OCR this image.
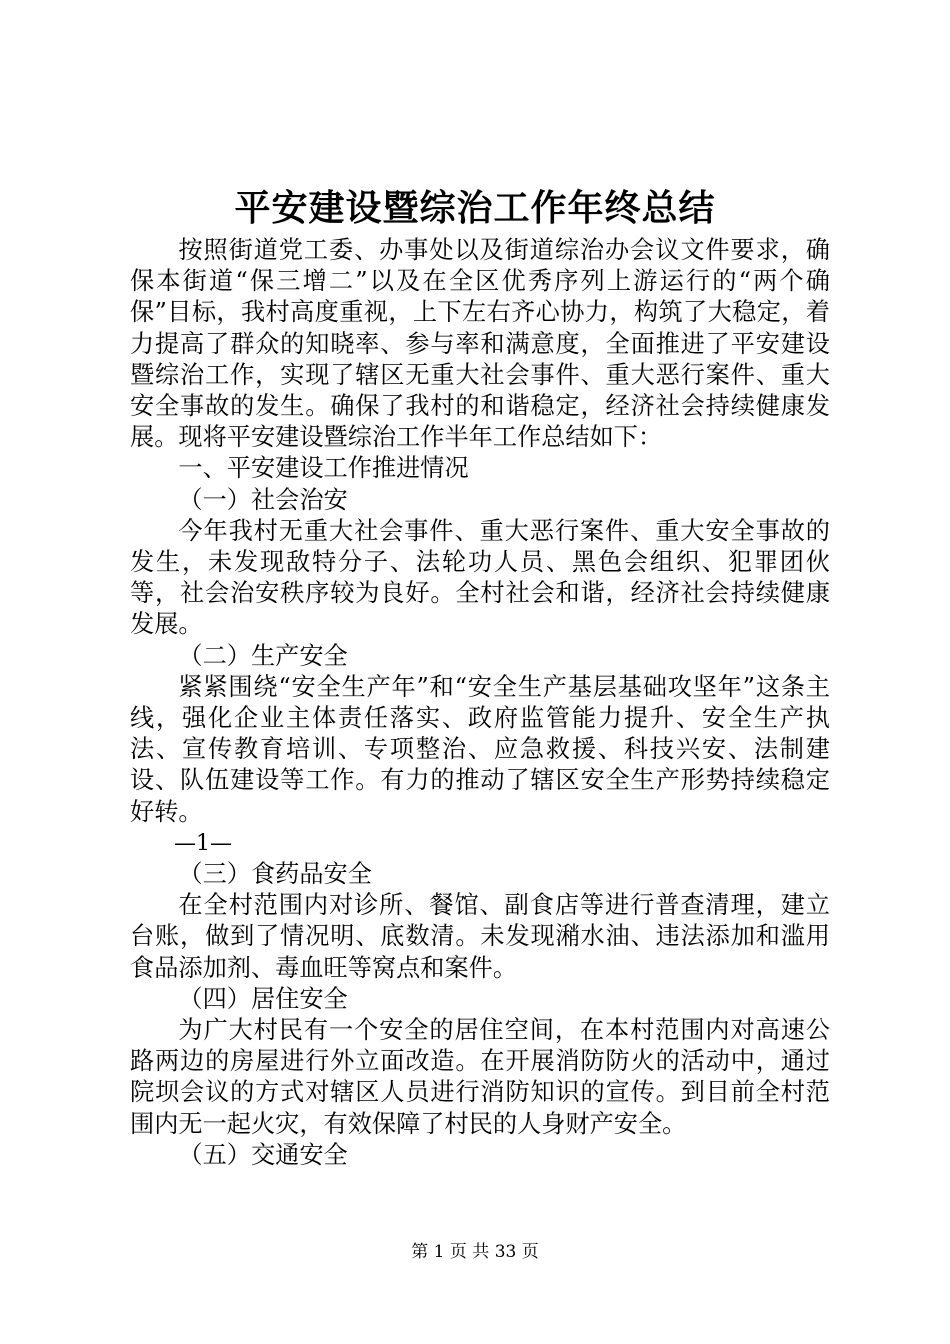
平安建设暨综治工作年终总结

按照街道党工委、办事处以及街道综治办会议文件要求，确保本街道“保三增二”以及在全区优秀序列上游运行的“两个确保”目标，我村高度重视，上下左右齐心协力，构筑了大稳定，着力提高了群众的知晓率、参与率和满意度，全面推进了平安建设暨综治工作，实现了辖区无重大社会事件、重大恶行案件、重大安全事故的发生。确保了我村的和谐稳定，经济社会持续健康发展。现将平安建设暨综治工作半年工作总结如下：

一、平安建设工作推进情况

（一）社会治安

今年我村无重大社会事件、重大恶行案件、重大安全事故的发生，未发现敌特分子、法轮功人员、黑色会组织、犯罪团伙等，社会治安秩序较为良好。全村社会和谐，经济社会持续健康发展。

（二）生产安全

紧紧围绕“安全生产年”和“安全生产基层基础攻坚年”这条主线，强化企业主体责任落实、政府监管能力提升、安全生产执法、宣传教育培训、专项整治、应急救援、科技兴安、法制建设、队伍建设等工作。有力的推动了辖区安全生产形势持续稳定好转。

—1—

（三）食药品安全

在全村范围内对诊所、餐馆、副食店等进行普查清理，建立台账，做到了情况明、底数清。未发现潲水油、违法添加和滥用食品添加剂、毒血旺等窝点和案件。

（四）居住安全

为广大村民有一个安全的居住空间，在本村范围内对高速公路两边的房屋进行外立面改造。在开展消防防火的活动中，通过院坝会议的方式对辖区人员进行消防知识的宣传。到目前全村范围内无一起火灾，有效保障了村民的人身财产安全。

（五）交通安全

第 1 页 共 33 页
